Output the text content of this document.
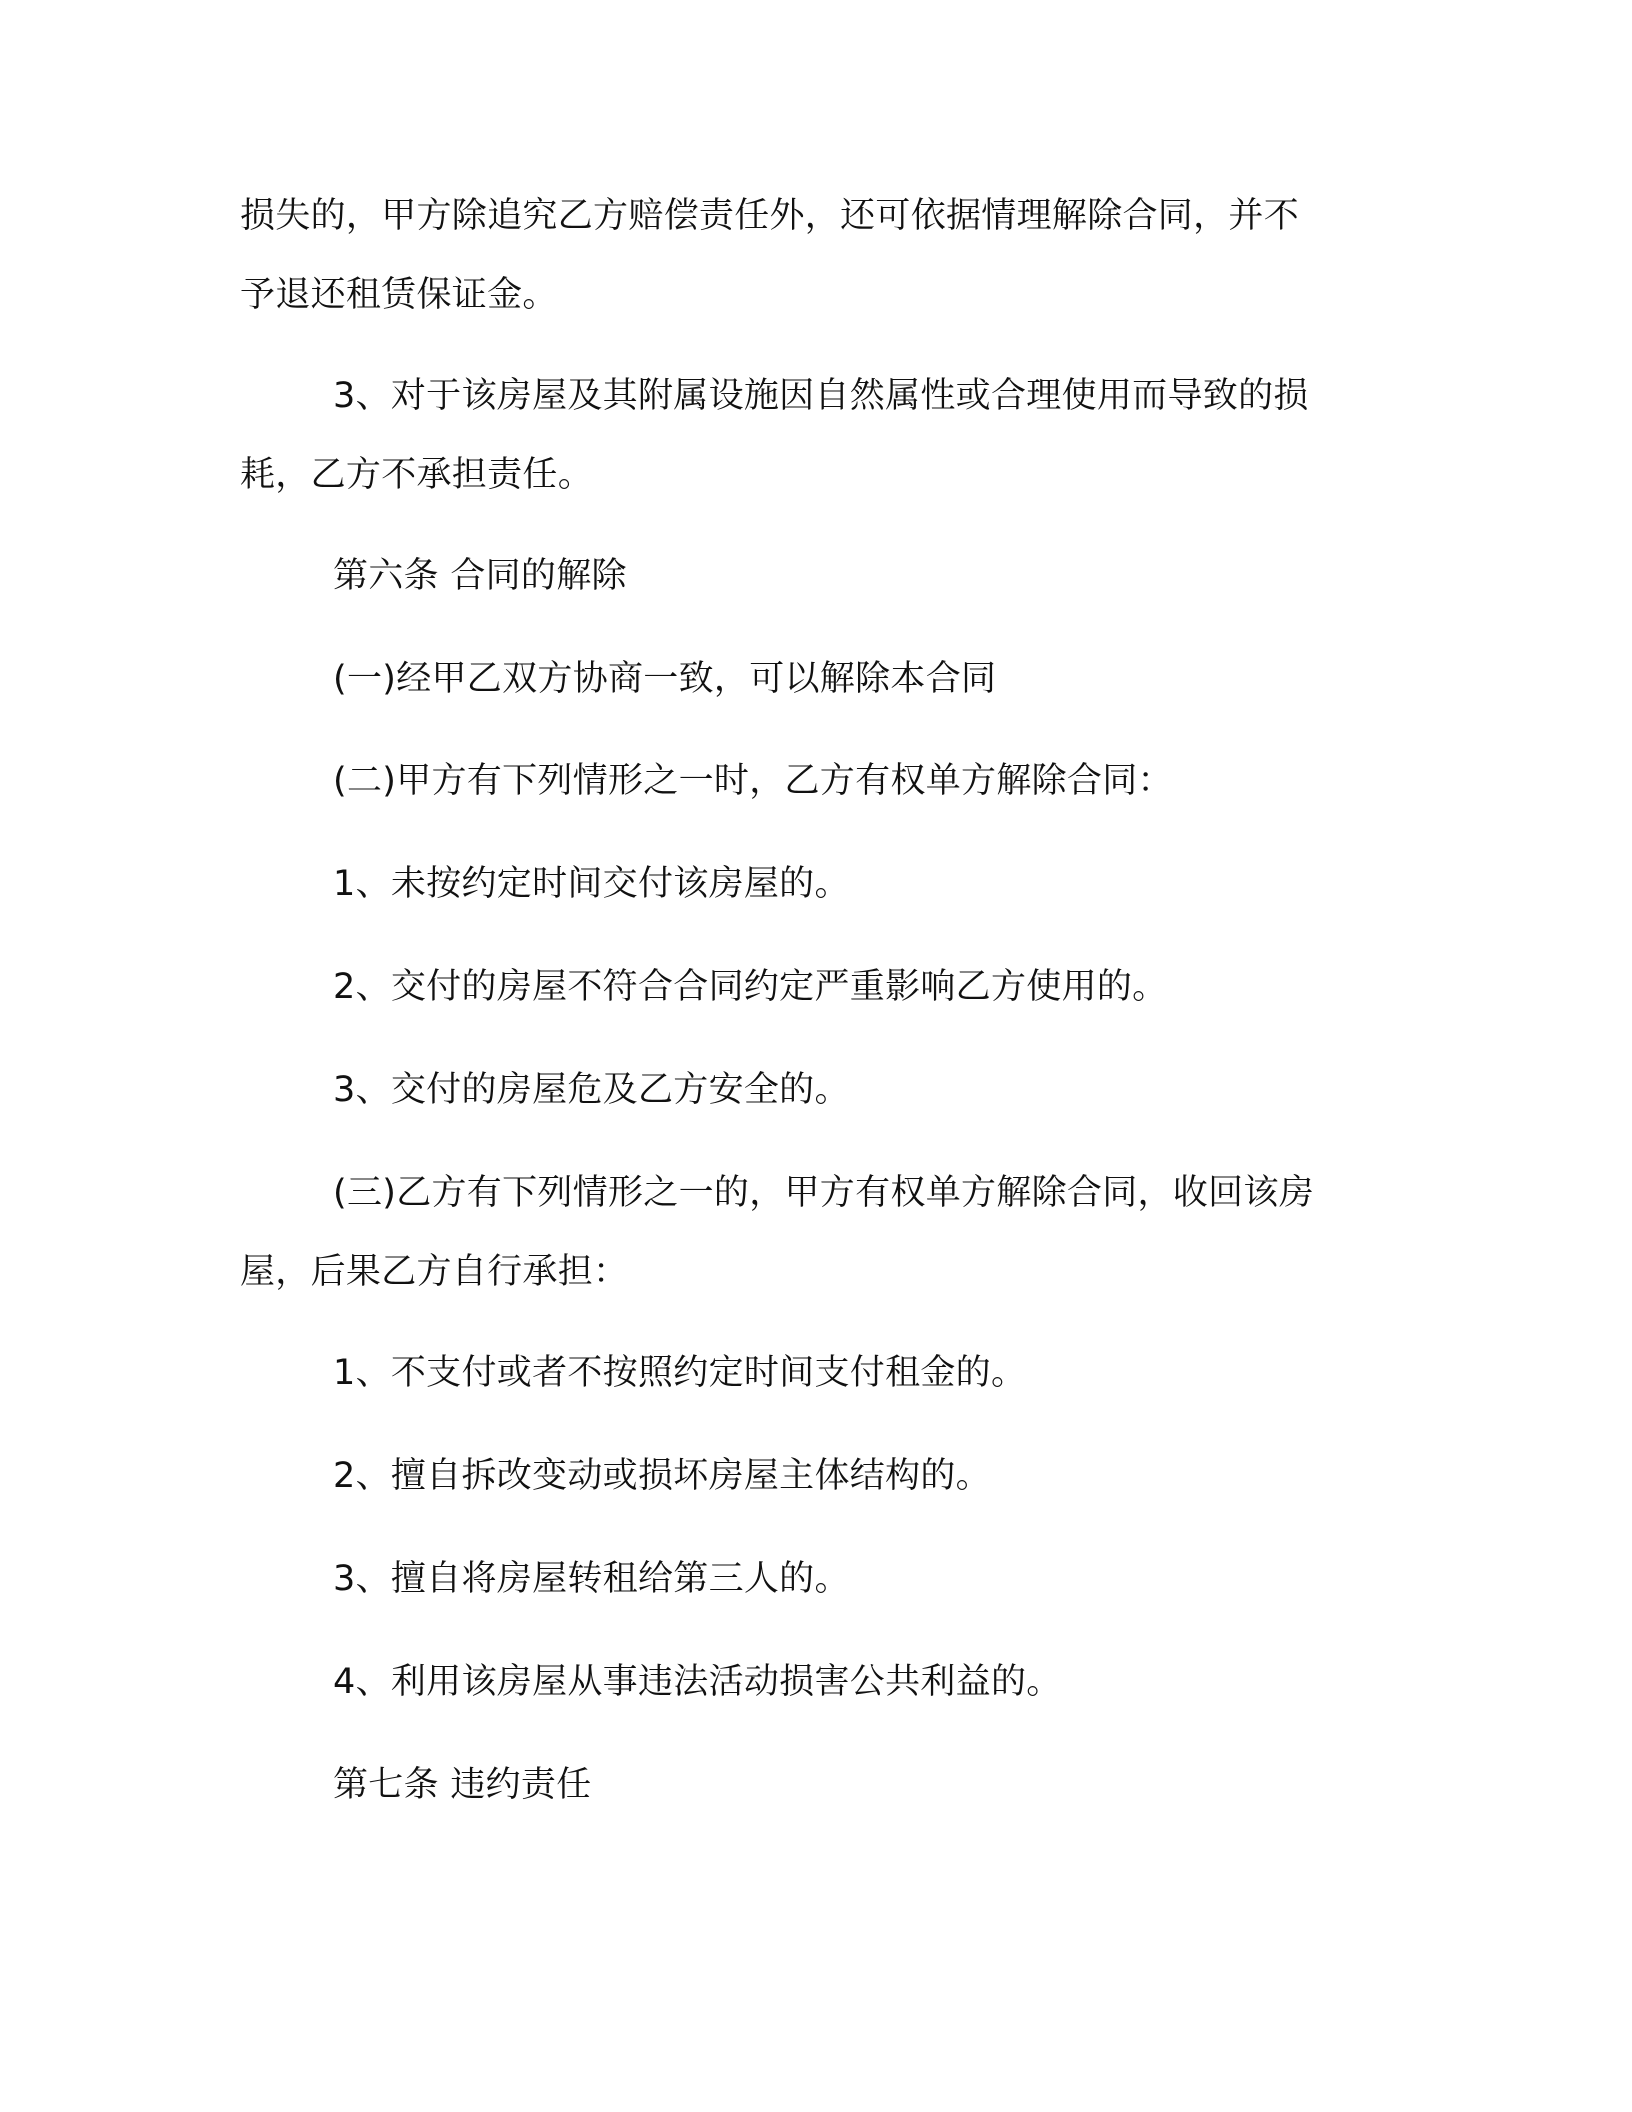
损失的，甲方除追究乙方赔偿责任外，还可依据情理解除合同，并不
予退还租赁保证金。
3、对于该房屋及其附属设施因自然属性或合理使用而导致的损
耗，乙方不承担责任。
第六条 合同的解除
(一)经甲乙双方协商一致，可以解除本合同
(二)甲方有下列情形之一时，乙方有权单方解除合同：
1、未按约定时间交付该房屋的。
2、交付的房屋不符合合同约定严重影响乙方使用的。
3、交付的房屋危及乙方安全的。
(三)乙方有下列情形之一的，甲方有权单方解除合同，收回该房
屋，后果乙方自行承担：
1、不支付或者不按照约定时间支付租金的。
2、擅自拆改变动或损坏房屋主体结构的。
3、擅自将房屋转租给第三人的。
4、利用该房屋从事违法活动损害公共利益的。
第七条 违约责任
